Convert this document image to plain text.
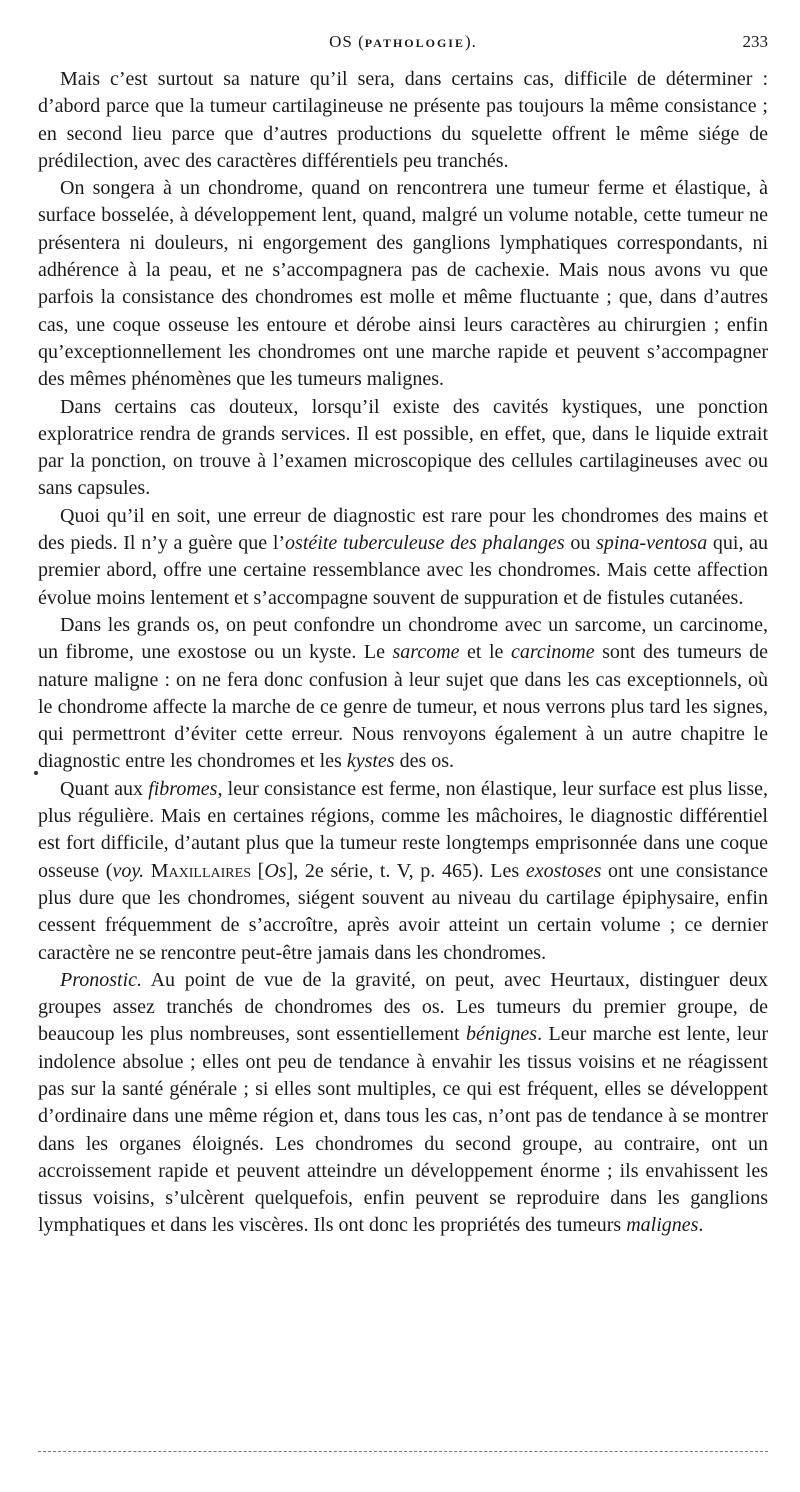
OS (PATHOLOGIE).	233

Mais c’est surtout sa nature qu’il sera, dans certains cas, difficile de déterminer : d’abord parce que la tumeur cartilagineuse ne présente pas toujours la même consistance ; en second lieu parce que d’autres productions du squelette offrent le même siége de prédilection, avec des caractères différentiels peu tranchés.

On songera à un chondrome, quand on rencontrera une tumeur ferme et élastique, à surface bosselée, à développement lent, quand, malgré un volume notable, cette tumeur ne présentera ni douleurs, ni engorgement des ganglions lymphatiques correspondants, ni adhérence à la peau, et ne s’accompagnera pas de cachexie. Mais nous avons vu que parfois la consistance des chondromes est molle et même fluctuante ; que, dans d’autres cas, une coque osseuse les entoure et dérobe ainsi leurs caractères au chirurgien ; enfin qu’exceptionnellement les chondromes ont une marche rapide et peuvent s’accompagner des mêmes phénomènes que les tumeurs malignes.

Dans certains cas douteux, lorsqu’il existe des cavités kystiques, une ponction exploratrice rendra de grands services. Il est possible, en effet, que, dans le liquide extrait par la ponction, on trouve à l’examen microscopique des cellules cartilagineuses avec ou sans capsules.

Quoi qu’il en soit, une erreur de diagnostic est rare pour les chondromes des mains et des pieds. Il n’y a guère que l’ostéite tuberculeuse des phalanges ou spina-ventosa qui, au premier abord, offre une certaine ressemblance avec les chondromes. Mais cette affection évolue moins lentement et s’accompagne souvent de suppuration et de fistules cutanées.

Dans les grands os, on peut confondre un chondrome avec un sarcome, un carcinome, un fibrome, une exostose ou un kyste. Le sarcome et le carcinome sont des tumeurs de nature maligne : on ne fera donc confusion à leur sujet que dans les cas exceptionnels, où le chondrome affecte la marche de ce genre de tumeur, et nous verrons plus tard les signes, qui permettront d’éviter cette erreur. Nous renvoyons également à un autre chapitre le diagnostic entre les chondromes et les kystes des os.

Quant aux fibromes, leur consistance est ferme, non élastique, leur surface est plus lisse, plus régulière. Mais en certaines régions, comme les mâchoires, le diagnostic différentiel est fort difficile, d’autant plus que la tumeur reste longtemps emprisonnée dans une coque osseuse (voy. Maxillaires [Os], 2e série, t. V, p. 465). Les exostoses ont une consistance plus dure que les chondromes, siégent souvent au niveau du cartilage épiphysaire, enfin cessent fréquemment de s’accroître, après avoir atteint un certain volume ; ce dernier caractère ne se rencontre peut-être jamais dans les chondromes.

Pronostic. Au point de vue de la gravité, on peut, avec Heurtaux, distinguer deux groupes assez tranchés de chondromes des os. Les tumeurs du premier groupe, de beaucoup les plus nombreuses, sont essentiellement bénignes. Leur marche est lente, leur indolence absolue ; elles ont peu de tendance à envahir les tissus voisins et ne réagissent pas sur la santé générale ; si elles sont multiples, ce qui est fréquent, elles se développent d’ordinaire dans une même région et, dans tous les cas, n’ont pas de tendance à se montrer dans les organes éloignés. Les chondromes du second groupe, au contraire, ont un accroissement rapide et peuvent atteindre un développement énorme ; ils envahissent les tissus voisins, s’ulcèrent quelquefois, enfin peuvent se reproduire dans les ganglions lymphatiques et dans les viscères. Ils ont donc les propriétés des tumeurs malignes.
